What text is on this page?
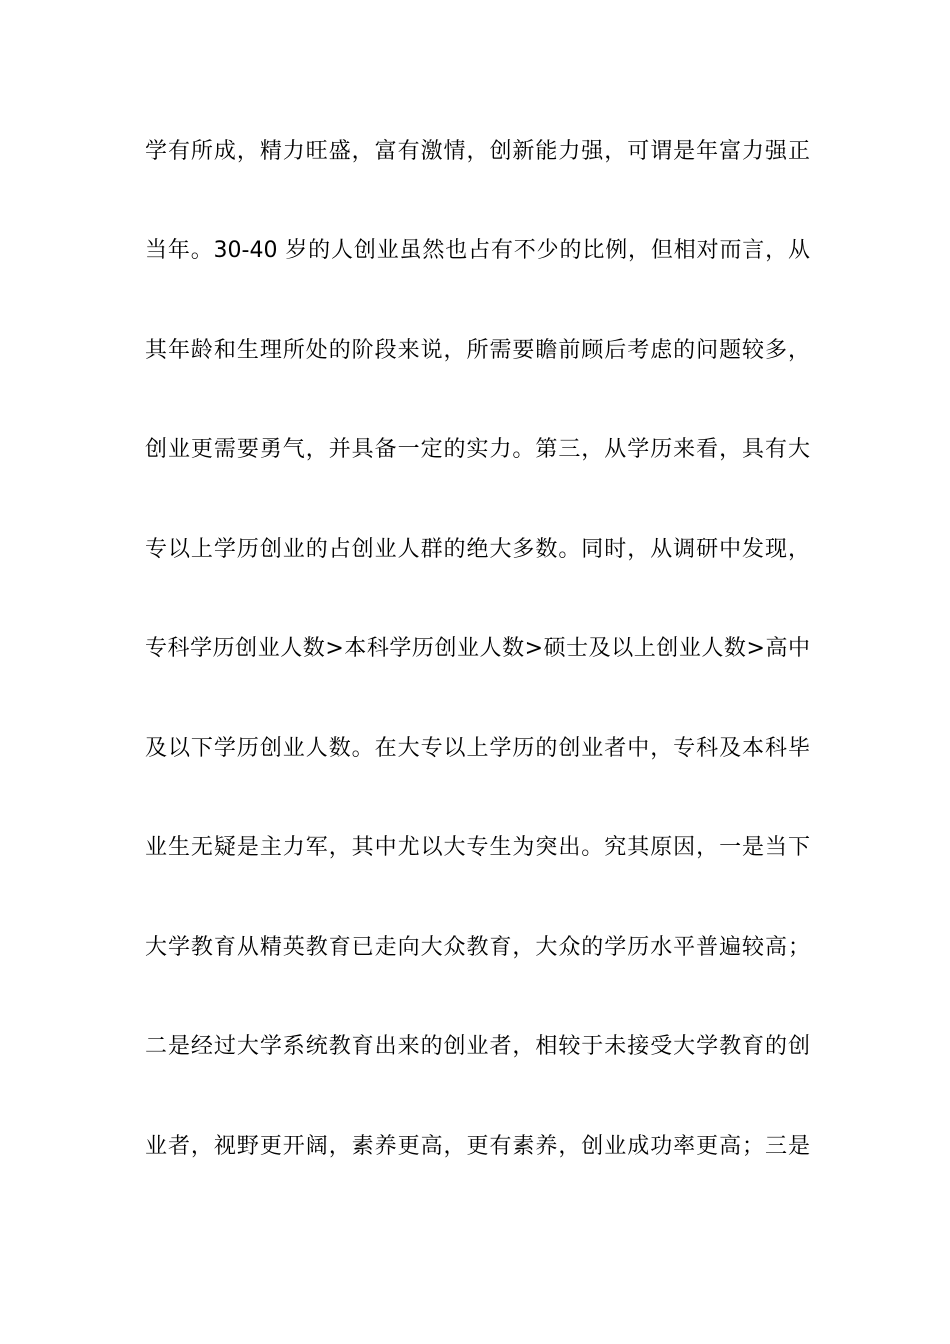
学有所成，精力旺盛，富有激情，创新能力强，可谓是年富力强正
当年。30-40 岁的人创业虽然也占有不少的比例，但相对而言，从
其年龄和生理所处的阶段来说，所需要瞻前顾后考虑的问题较多，
创业更需要勇气，并具备一定的实力。第三，从学历来看，具有大
专以上学历创业的占创业人群的绝大多数。同时，从调研中发现，
专科学历创业人数>本科学历创业人数>硕士及以上创业人数>高中
及以下学历创业人数。在大专以上学历的创业者中，专科及本科毕
业生无疑是主力军，其中尤以大专生为突出。究其原因，一是当下
大学教育从精英教育已走向大众教育，大众的学历水平普遍较高；
二是经过大学系统教育出来的创业者，相较于未接受大学教育的创
业者，视野更开阔，素养更高，更有素养，创业成功率更高；三是
